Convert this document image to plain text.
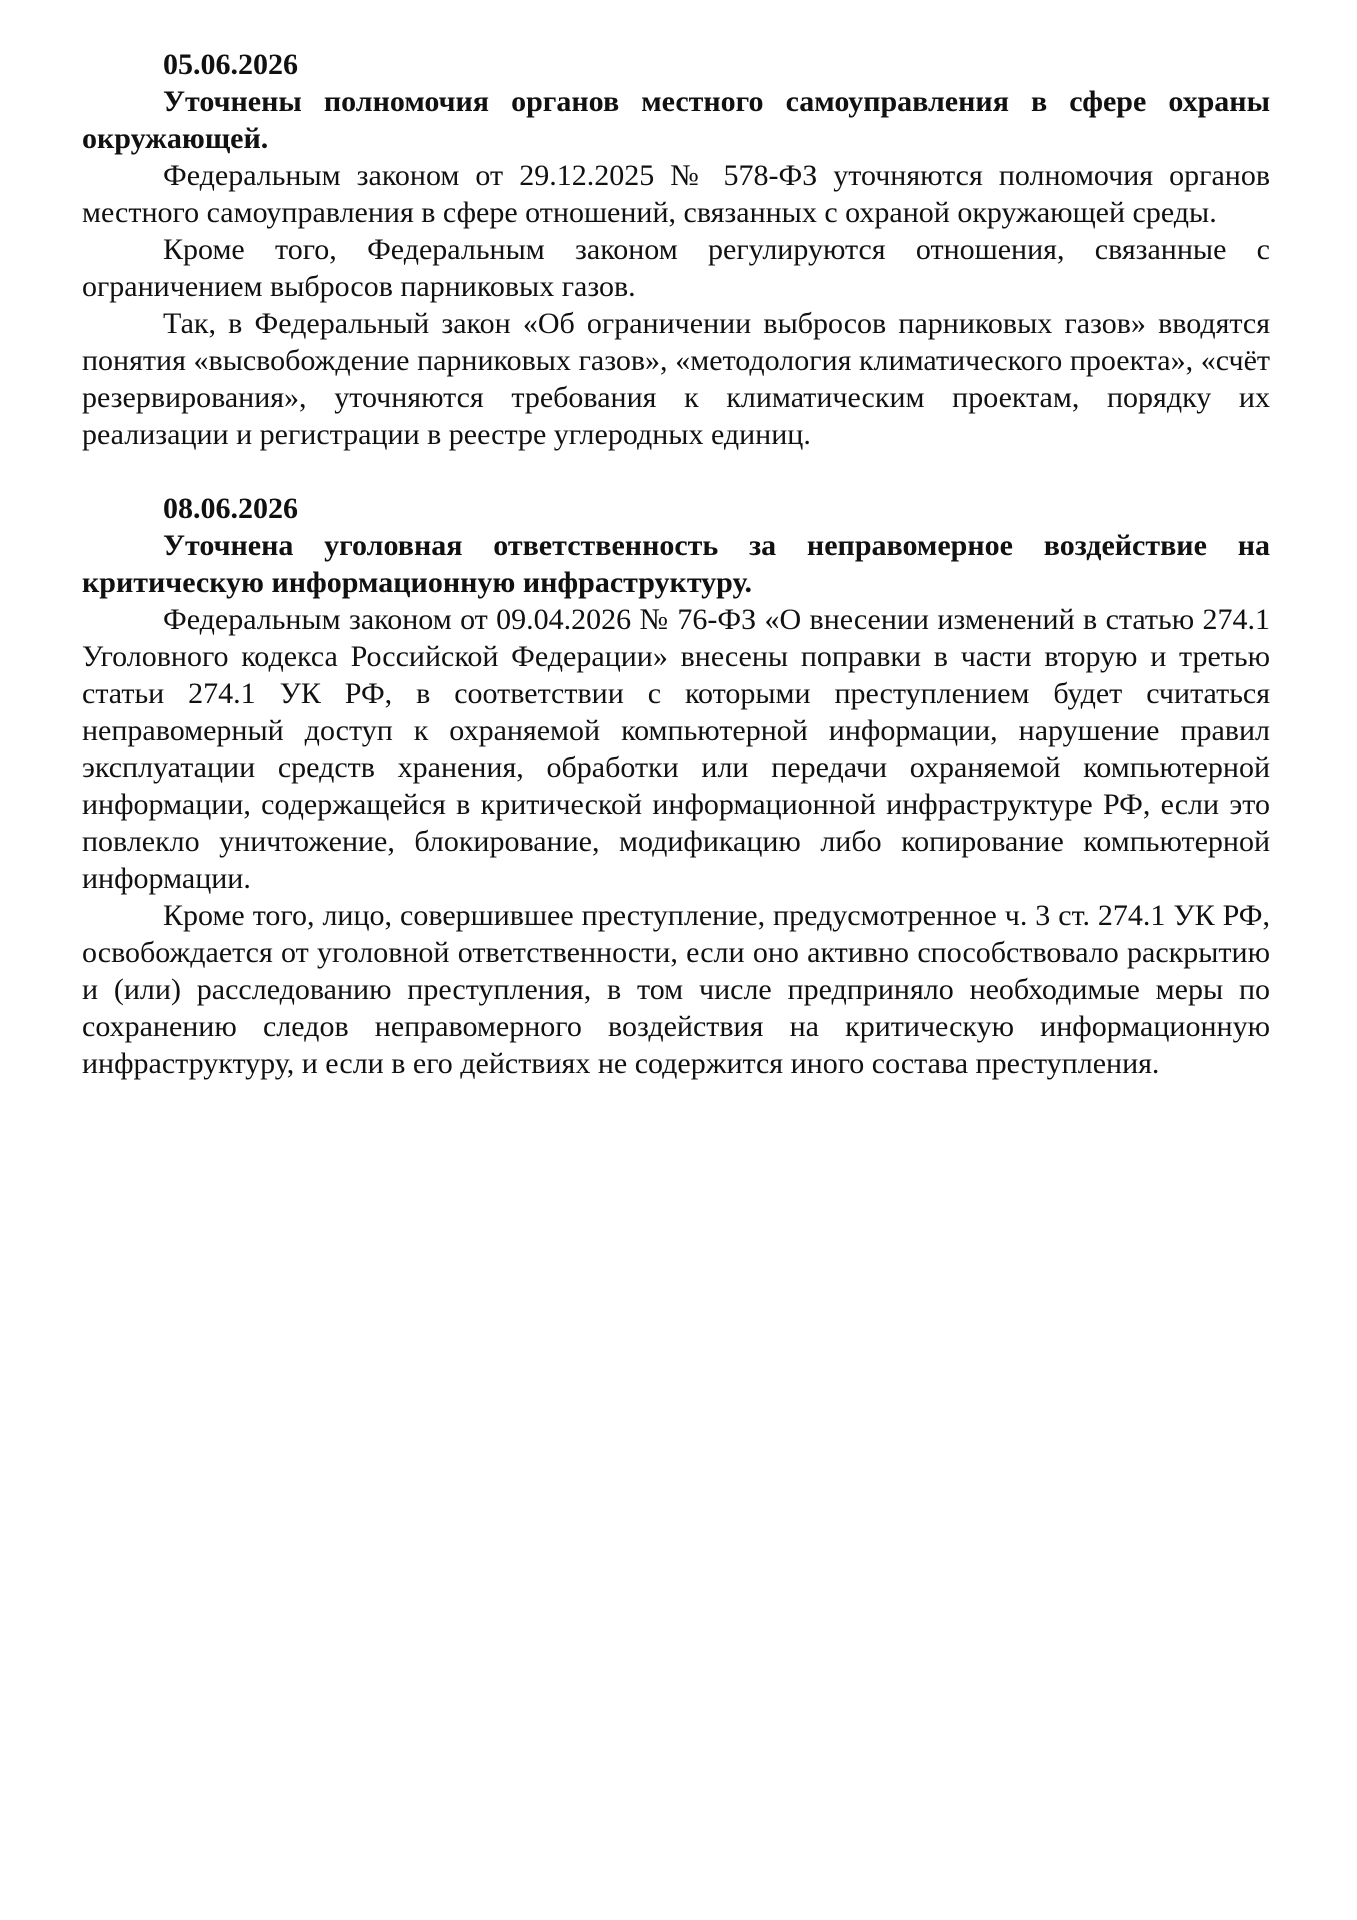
05.06.2026

Уточнены полномочия органов местного самоуправления в сфере охраны окружающей.

Федеральным законом от 29.12.2025 № 578-ФЗ уточняются полномочия органов местного самоуправления в сфере отношений, связанных с охраной окружающей среды.

Кроме того, Федеральным законом регулируются отношения, связанные с ограничением выбросов парниковых газов.

Так, в Федеральный закон «Об ограничении выбросов парниковых газов» вводятся понятия «высвобождение парниковых газов», «методология климатического проекта», «счёт резервирования», уточняются требования к климатическим проектам, порядку их реализации и регистрации в реестре углеродных единиц.

08.06.2026

Уточнена уголовная ответственность за неправомерное воздействие на критическую информационную инфраструктуру.

Федеральным законом от 09.04.2026 № 76-ФЗ «О внесении изменений в статью 274.1 Уголовного кодекса Российской Федерации» внесены поправки в части вторую и третью статьи 274.1 УК РФ, в соответствии с которыми преступлением будет считаться неправомерный доступ к охраняемой компьютерной информации, нарушение правил эксплуатации средств хранения, обработки или передачи охраняемой компьютерной информации, содержащейся в критической информационной инфраструктуре РФ, если это повлекло уничтожение, блокирование, модификацию либо копирование компьютерной информации.

Кроме того, лицо, совершившее преступление, предусмотренное ч. 3 ст. 274.1 УК РФ, освобождается от уголовной ответственности, если оно активно способствовало раскрытию и (или) расследованию преступления, в том числе предприняло необходимые меры по сохранению следов неправомерного воздействия на критическую информационную инфраструктуру, и если в его действиях не содержится иного состава преступления.
